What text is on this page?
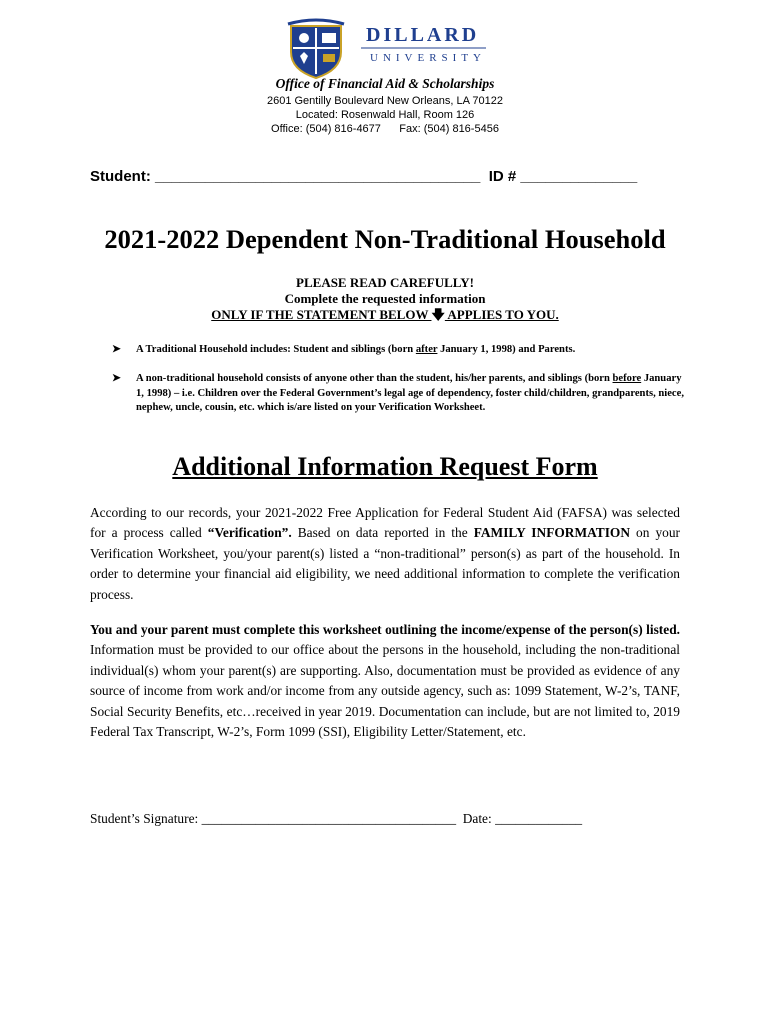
DILLARD
UNIVERSITY
Office of Financial Aid & Scholarships
2601 Gentilly Boulevard New Orleans, LA 70122
Located: Rosenwald Hall, Room 126
Office: (504) 816-4677 Fax: (504) 816-5456
Student: _______________________________________ ID # ______________
2021-2022 Dependent Non-Traditional Household
PLEASE READ CAREFULLY!
Complete the requested information
ONLY IF THE STATEMENT BELOW 🡇 APPLIES TO YOU.
➤ A Traditional Household includes: Student and siblings (born after January 1, 1998) and Parents.
➤ A non-traditional household consists of anyone other than the student, his/her parents, and siblings (born before January 1, 1998) – i.e. Children over the Federal Government’s legal age of dependency, foster child/children, grandparents, niece, nephew, uncle, cousin, etc. which is/are listed on your Verification Worksheet.
Additional Information Request Form
According to our records, your 2021-2022 Free Application for Federal Student Aid (FAFSA) was selected for a process called “Verification”. Based on data reported in the FAMILY INFORMATION on your Verification Worksheet, you/your parent(s) listed a “non-traditional” person(s) as part of the household. In order to determine your financial aid eligibility, we need additional information to complete the verification process.
You and your parent must complete this worksheet outlining the income/expense of the person(s) listed. Information must be provided to our office about the persons in the household, including the non-traditional individual(s) whom your parent(s) are supporting. Also, documentation must be provided as evidence of any source of income from work and/or income from any outside agency, such as: 1099 Statement, W-2’s, TANF, Social Security Benefits, etc…received in year 2019. Documentation can include, but are not limited to, 2019 Federal Tax Transcript, W-2’s, Form 1099 (SSI), Eligibility Letter/Statement, etc.
Student’s Signature: ______________________________________ Date: _____________
